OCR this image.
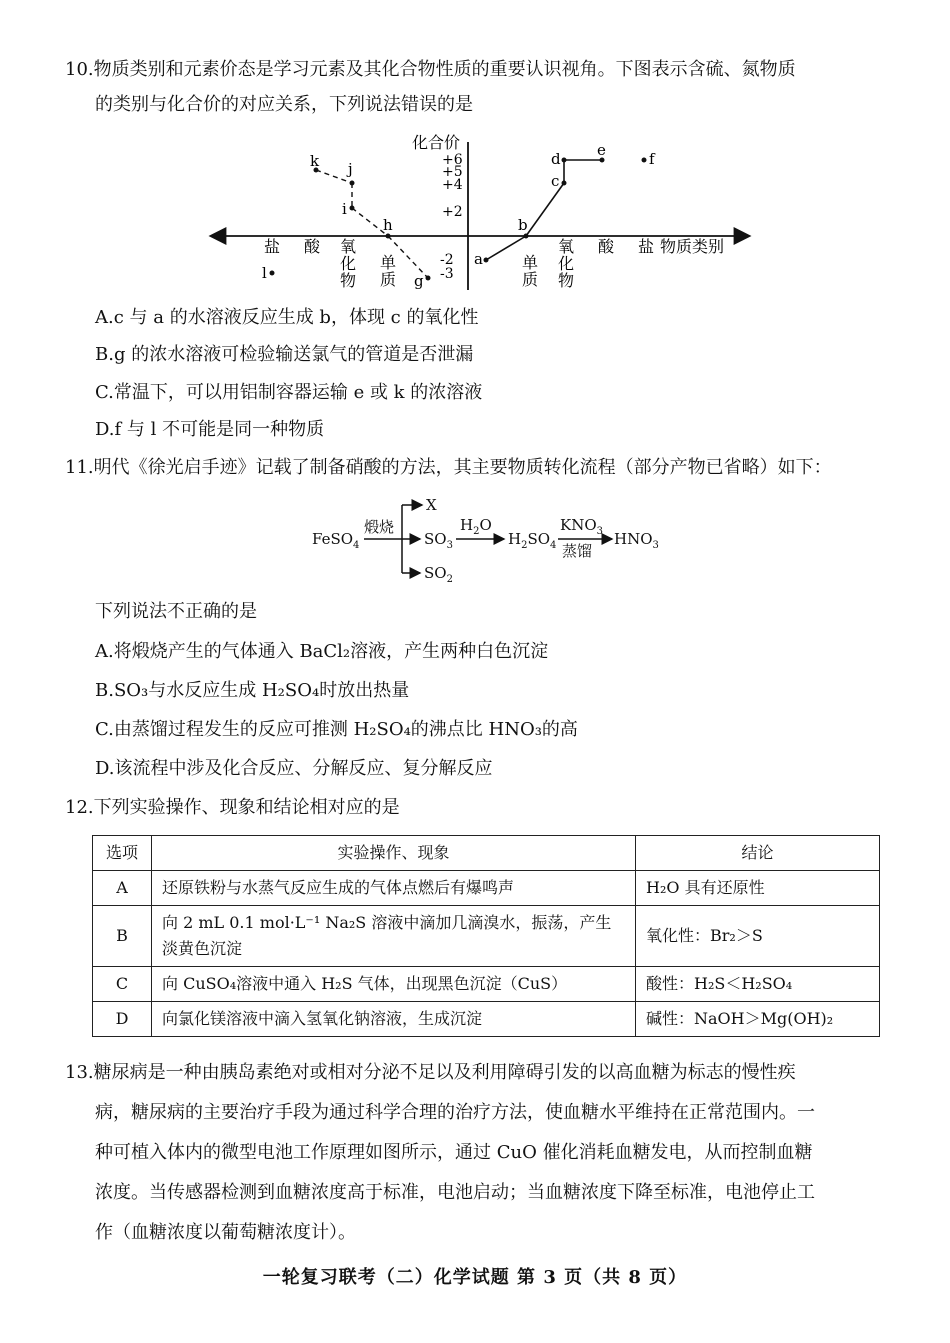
10.物质类别和元素价态是学习元素及其化合物性质的重要认识视角。下图表示含硫、氮物质
的类别与化合价的对应关系，下列说法错误的是
化合价
+6
+5
+4
+2
-2
-3
盐 酸 氧化物
单质
单质
氧化物
酸 盐 物质类别
a
b
c
d e	f
g
h
i
j
k
l
A.c 与 a 的水溶液反应生成 b，体现 c 的氧化性
B.g 的浓水溶液可检验输送氯气的管道是否泄漏
C.常温下，可以用铝制容器运输 e 或 k 的浓溶液
D.f 与 l 不可能是同一种物质
11.明代《徐光启手迹》记载了制备硝酸的方法，其主要物质转化流程（部分产物已省略）如下：
FeSO$_4$
煅烧
X
$SO_3$
$SO_2$
$H_2O$
$H_2SO_4$
$KNO_3$
蒸馏
$HNO_3$
下列说法不正确的是
A.将煅烧产生的气体通入 BaCl₂溶液，产生两种白色沉淀
B.SO₃与水反应生成 H₂SO₄时放出热量
C.由蒸馏过程发生的反应可推测 H₂SO₄的沸点比 HNO₃的高
D.该流程中涉及化合反应、分解反应、复分解反应
12.下列实验操作、现象和结论相对应的是
选项	实验操作、现象	结论
A	还原铁粉与水蒸气反应生成的气体点燃后有爆鸣声	H₂O 具有还原性
B	向 2 mL 0.1 mol·L⁻¹ Na₂S 溶液中滴加几滴溴水，振荡，产生淡黄色沉淀	氧化性：Br₂＞S
C	向 CuSO₄溶液中通入 H₂S 气体，出现黑色沉淀（CuS）	酸性：H₂S＜H₂SO₄
D	向氯化镁溶液中滴入氢氧化钠溶液，生成沉淀	碱性：NaOH＞Mg(OH)₂
13.糖尿病是一种由胰岛素绝对或相对分泌不足以及利用障碍引发的以高血糖为标志的慢性疾
病，糖尿病的主要治疗手段为通过科学合理的治疗方法，使血糖水平维持在正常范围内。一
种可植入体内的微型电池工作原理如图所示，通过 CuO 催化消耗血糖发电，从而控制血糖
浓度。当传感器检测到血糖浓度高于标准，电池启动；当血糖浓度下降至标准，电池停止工
作（血糖浓度以葡萄糖浓度计）。
一轮复习联考（二）化学试题 第 3 页（共 8 页）
